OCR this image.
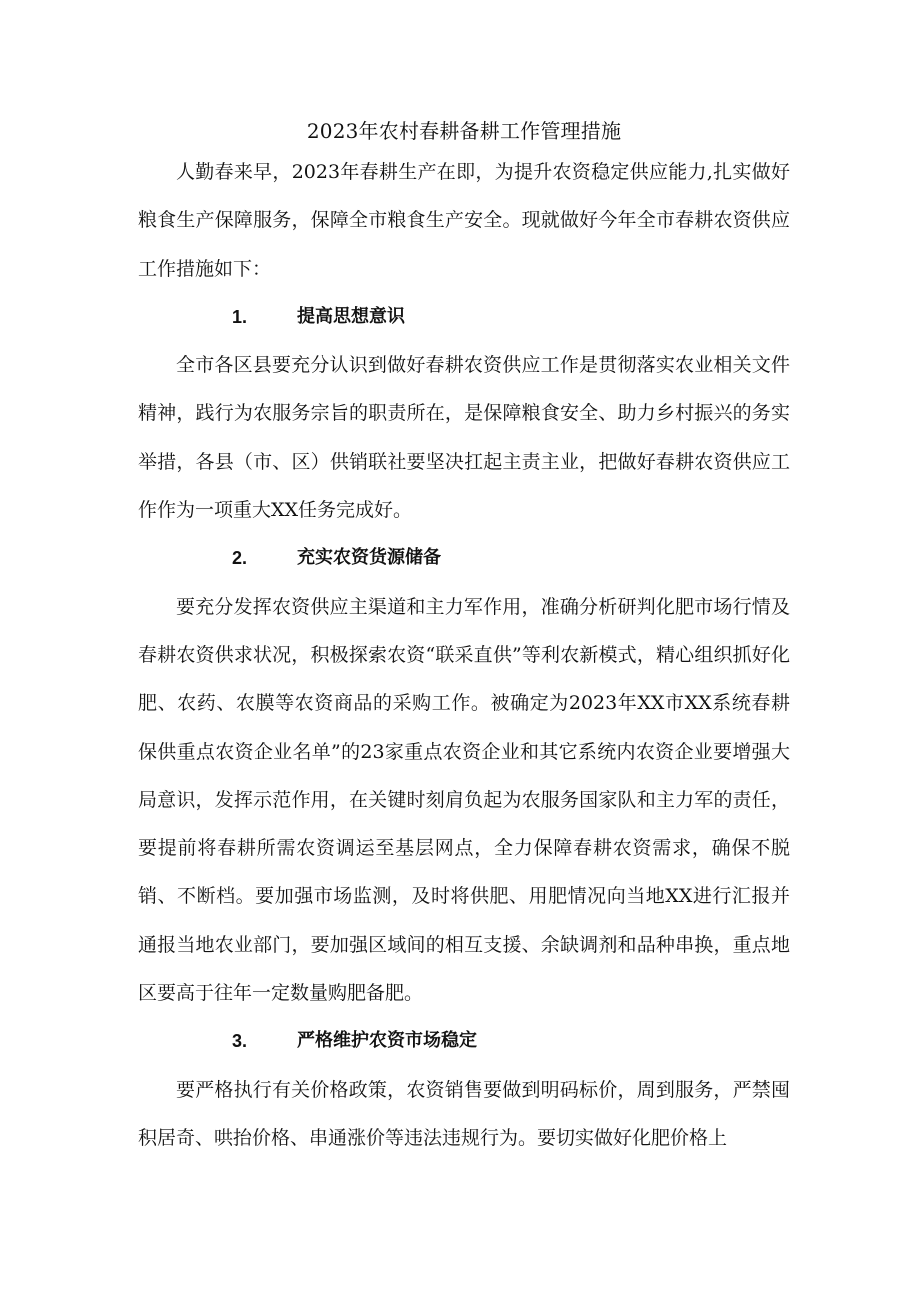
2023年农村春耕备耕工作管理措施

人勤春来早，2023年春耕生产在即，为提升农资稳定供应能力,扎实做好粮食生产保障服务，保障全市粮食生产安全。现就做好今年全市春耕农资供应工作措施如下：

1.	提高思想意识

全市各区县要充分认识到做好春耕农资供应工作是贯彻落实农业相关文件精神，践行为农服务宗旨的职责所在，是保障粮食安全、助力乡村振兴的务实举措，各县（市、区）供销联社要坚决扛起主责主业，把做好春耕农资供应工作作为一项重大XX任务完成好。

2.	充实农资货源储备

要充分发挥农资供应主渠道和主力军作用，准确分析研判化肥市场行情及春耕农资供求状况，积极探索农资“联采直供”等利农新模式，精心组织抓好化肥、农药、农膜等农资商品的采购工作。被确定为2023年XX市XX系统春耕保供重点农资企业名单”的23家重点农资企业和其它系统内农资企业要增强大局意识，发挥示范作用，在关键时刻肩负起为农服务国家队和主力军的责任，要提前将春耕所需农资调运至基层网点，全力保障春耕农资需求，确保不脱销、不断档。要加强市场监测，及时将供肥、用肥情况向当地XX进行汇报并通报当地农业部门，要加强区域间的相互支援、余缺调剂和品种串换，重点地区要高于往年一定数量购肥备肥。

3.	严格维护农资市场稳定

要严格执行有关价格政策，农资销售要做到明码标价，周到服务，严禁囤积居奇、哄抬价格、串通涨价等违法违规行为。要切实做好化肥价格上
